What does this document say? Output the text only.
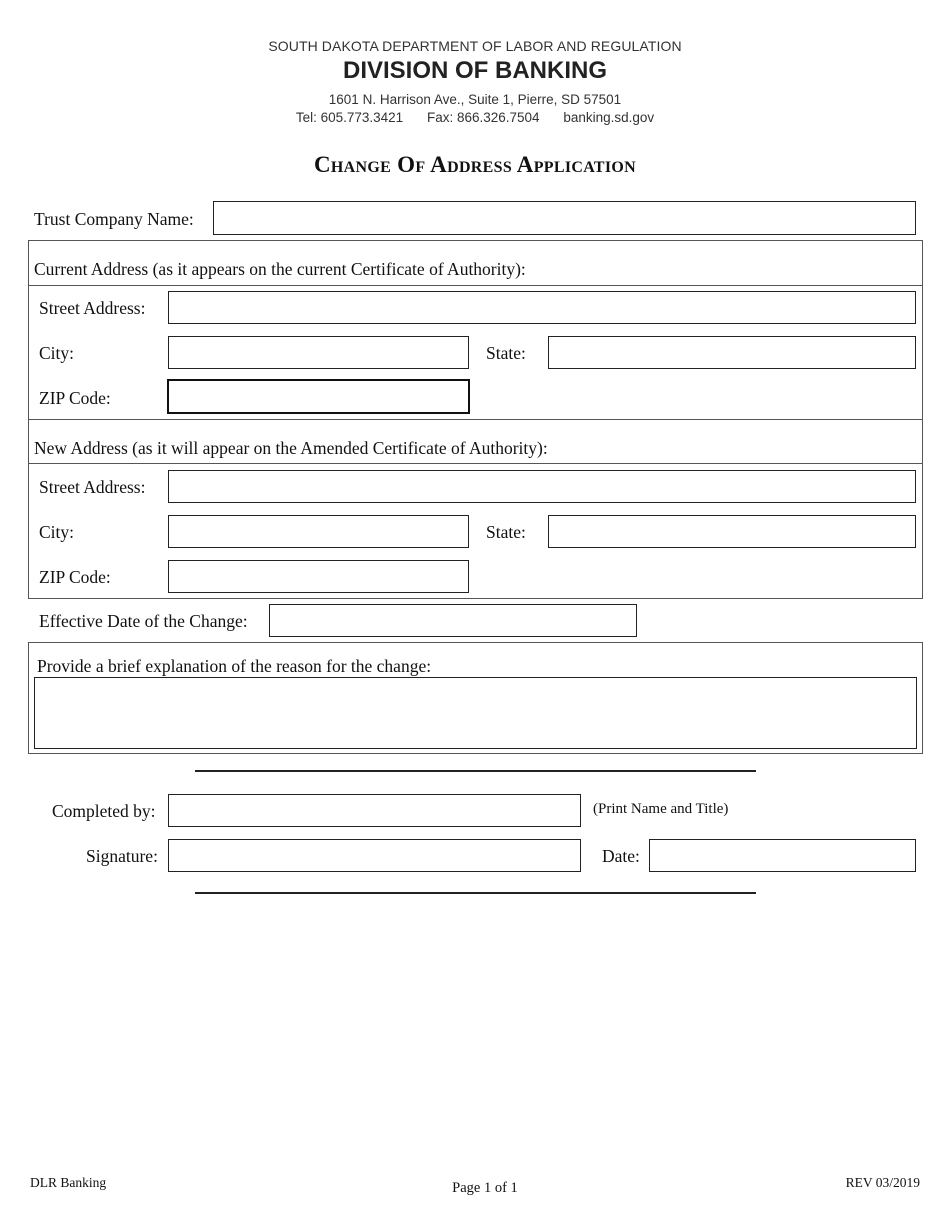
SOUTH DAKOTA DEPARTMENT OF LABOR AND REGULATION
DIVISION OF BANKING
1601 N. Harrison Ave., Suite 1, Pierre, SD 57501
Tel: 605.773.3421 Fax: 866.326.7504 banking.sd.gov
Change Of Address Application
Trust Company Name:
Current Address (as it appears on the current Certificate of Authority):
Street Address:
City:	State:
ZIP Code:
New Address (as it will appear on the Amended Certificate of Authority):
Street Address:
City:	State:
ZIP Code:
Effective Date of the Change:
Provide a brief explanation of the reason for the change:
Completed by:	(Print Name and Title)
Signature:	Date:
DLR Banking	Page 1 of 1	REV 03/2019
